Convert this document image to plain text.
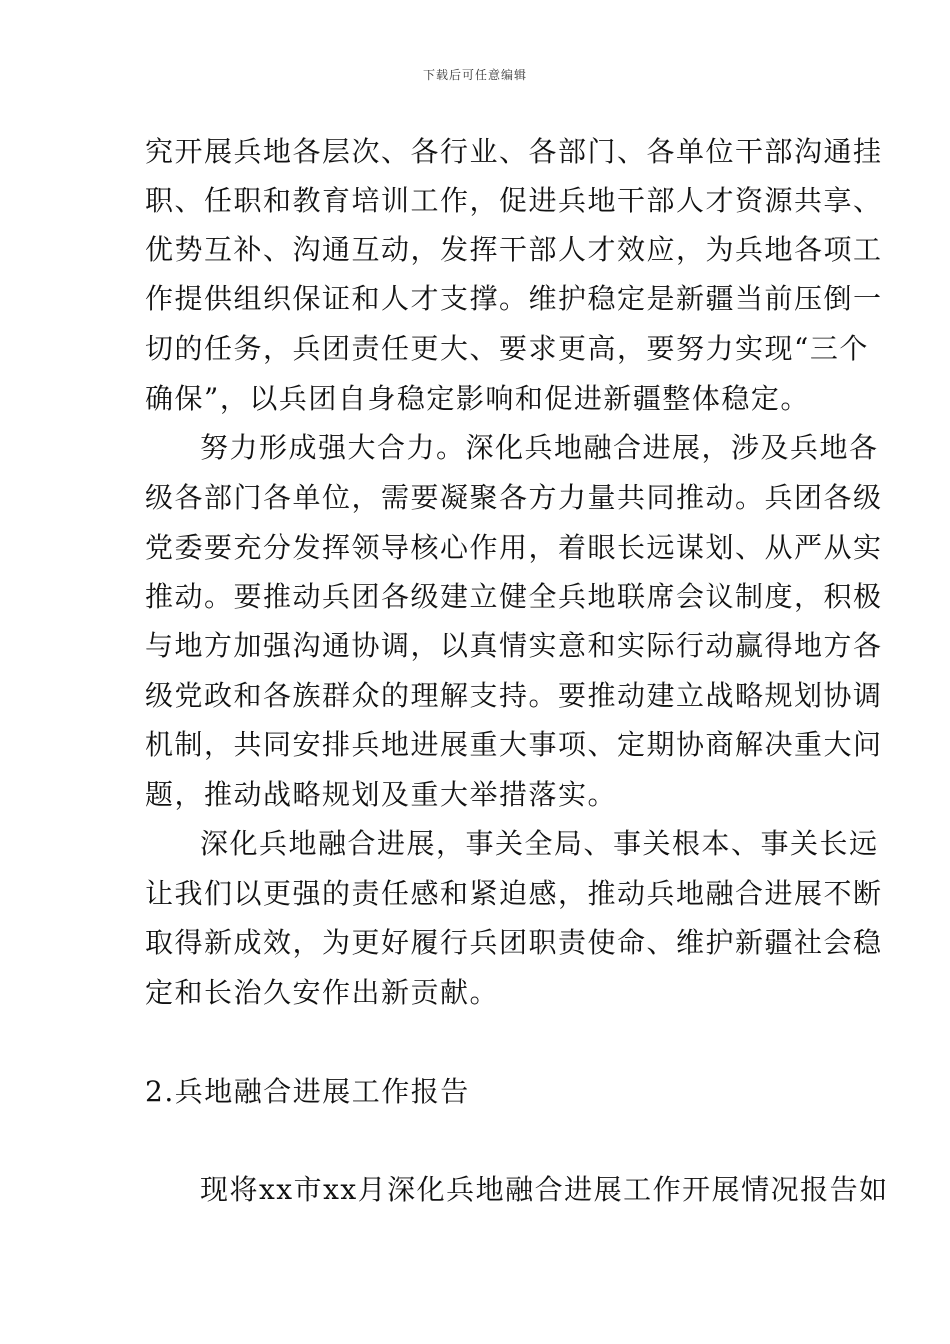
下载后可任意编辑
究开展兵地各层次、各行业、各部门、各单位干部沟通挂
职、任职和教育培训工作，促进兵地干部人才资源共享、
优势互补、沟通互动，发挥干部人才效应，为兵地各项工
作提供组织保证和人才支撑。维护稳定是新疆当前压倒一
切的任务，兵团责任更大、要求更高，要努力实现“三个
确保”，以兵团自身稳定影响和促进新疆整体稳定。
努力形成强大合力。深化兵地融合进展，涉及兵地各
级各部门各单位，需要凝聚各方力量共同推动。兵团各级
党委要充分发挥领导核心作用，着眼长远谋划、从严从实
推动。要推动兵团各级建立健全兵地联席会议制度，积极
与地方加强沟通协调，以真情实意和实际行动赢得地方各
级党政和各族群众的理解支持。要推动建立战略规划协调
机制，共同安排兵地进展重大事项、定期协商解决重大问
题，推动战略规划及重大举措落实。
深化兵地融合进展，事关全局、事关根本、事关长远
让我们以更强的责任感和紧迫感，推动兵地融合进展不断
取得新成效，为更好履行兵团职责使命、维护新疆社会稳
定和长治久安作出新贡献。
2.兵地融合进展工作报告
现将xx市xx月深化兵地融合进展工作开展情况报告如
